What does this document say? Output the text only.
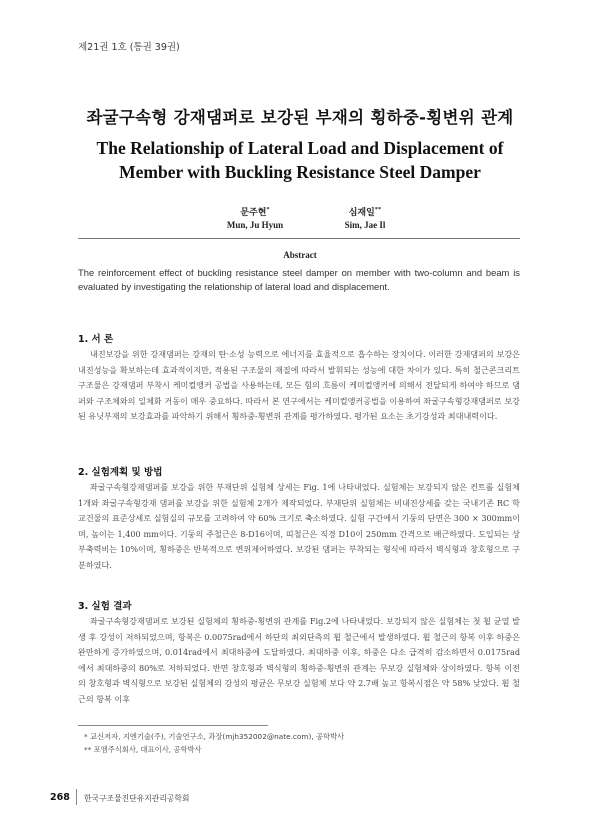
제21권 1호 (통권 39권)
좌굴구속형 강재댐퍼로 보강된 부재의 횡하중-횡변위 관계
The Relationship of Lateral Load and Displacement of
Member with Buckling Resistance Steel Damper
문주현*
Mun, Ju Hyun
심재일**
Sim, Jae Il
Abstract
The reinforcement effect of buckling resistance steel damper on member with two-column and beam is evaluated by investigating the relationship of lateral load and displacement.
1. 서 론
내진보강을 위한 강재댐퍼는 강재의 탄·소성 능력으로 에너지를 효율적으로 흡수하는 장치이다. 이러한 강재댐퍼의 보강은 내진성능을 확보하는데 효과적이지만, 적용된 구조물의 재질에 따라서 발휘되는 성능에 대한 차이가 있다. 특히 철근콘크리트 구조물은 강재댐퍼 부착시 케미컬앵커 공법을 사용하는데, 모든 힘의 흐름이 케미컬앵커에 의해서 전달되게 하여야 하므로 댐퍼와 구조체와의 일체화 거동이 매우 중요하다. 따라서 본 연구에서는 케미컬앵커공법을 이용하여 좌굴구속형강재댐퍼로 보강된 유닛부재의 보강효과를 파악하기 위해서 횡하중-횡변위 관계를 평가하였다. 평가된 요소는 초기강성과 최대내력이다.
2. 실험계획 및 방법
좌굴구속형강재댐퍼를 보강을 위한 부재단위 실험체 상세는 Fig. 1에 나타내었다. 실험체는 보강되지 않은 컨트롤 실험체 1개와 좌굴구속형강재 댐퍼를 보강을 위한 실험체 2개가 제작되었다. 부재단위 실험체는 비내진상세를 갖는 국내기존 RC 학교건물의 표준상세로 실험실의 규모를 고려하여 약 60% 크기로 축소하였다. 실험 구간에서 기둥의 단면은 300 × 300mm이며, 높이는 1,400 mm이다. 기둥의 주철근은 8-D16이며, 띠철근은 직경 D10이 250mm 간격으로 배근하였다. 도입되는 상부축력비는 10%이며, 횡하중은 반복적으로 변위제어하였다. 보강된 댐퍼는 부착되는 형식에 따라서 벽식형과 창호형으로 구분하였다.
3. 실험 결과
좌굴구속형강재댐퍼로 보강된 실험체의 횡하중-횡변위 관계를 Fig.2에 나타내었다. 보강되지 않은 실험체는 첫 휨 균열 발생 후 강성이 저하되었으며, 항복은 0.0075rad에서 하단의 최외단측의 휨 철근에서 발생하였다. 휨 철근의 항복 이후 하중은 완만하게 증가하였으며, 0.014rad에서 최대하중에 도달하였다. 최대하중 이후, 하중은 다소 급격히 감소하면서 0.0175rad에서 최대하중의 80%로 저하되었다. 반면 창호형과 벽식형의 횡하중-횡변위 관계는 무보강 실험체와 상이하였다. 항복 이전의 창호형과 벽식형으로 보강된 실험체의 강성의 평균은 무보강 실험체 보다 약 2.7배 높고 항복시점은 약 58% 낮았다. 휨 철근의 항복 이후
* 교신저자, 지엔기술(주), 기술연구소, 과장(mjh352002@nate.com), 공학박사
** 포엠주식회사, 대표이사, 공학박사
268 한국구조물진단유지관리공학회
